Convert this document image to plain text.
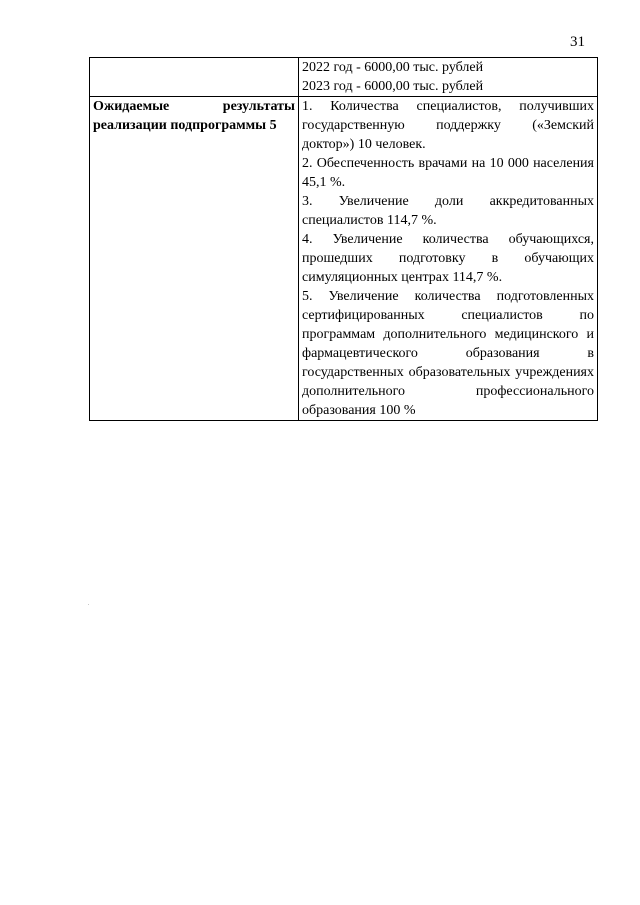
31

	2022 год - 6000,00 тыс. рублей
2023 год - 6000,00 тыс. рублей

Ожидаемые результаты реализации подпрограммы 5	1. Количества специалистов, получивших государственную поддержку («Земский доктор») 10 человек.

2. Обеспеченность врачами на 10 000 населения 45,1 %.

3. Увеличение доли аккредитованных специалистов 114,7 %.

4. Увеличение количества обучающихся, прошедших подготовку в обучающих симуляционных центрах 114,7 %.

5. Увеличение количества подготовленных сертифицированных специалистов по программам дополнительного медицинского и фармацевтического образования в государственных образовательных учреждениях дополнительного профессионального образования 100 %
